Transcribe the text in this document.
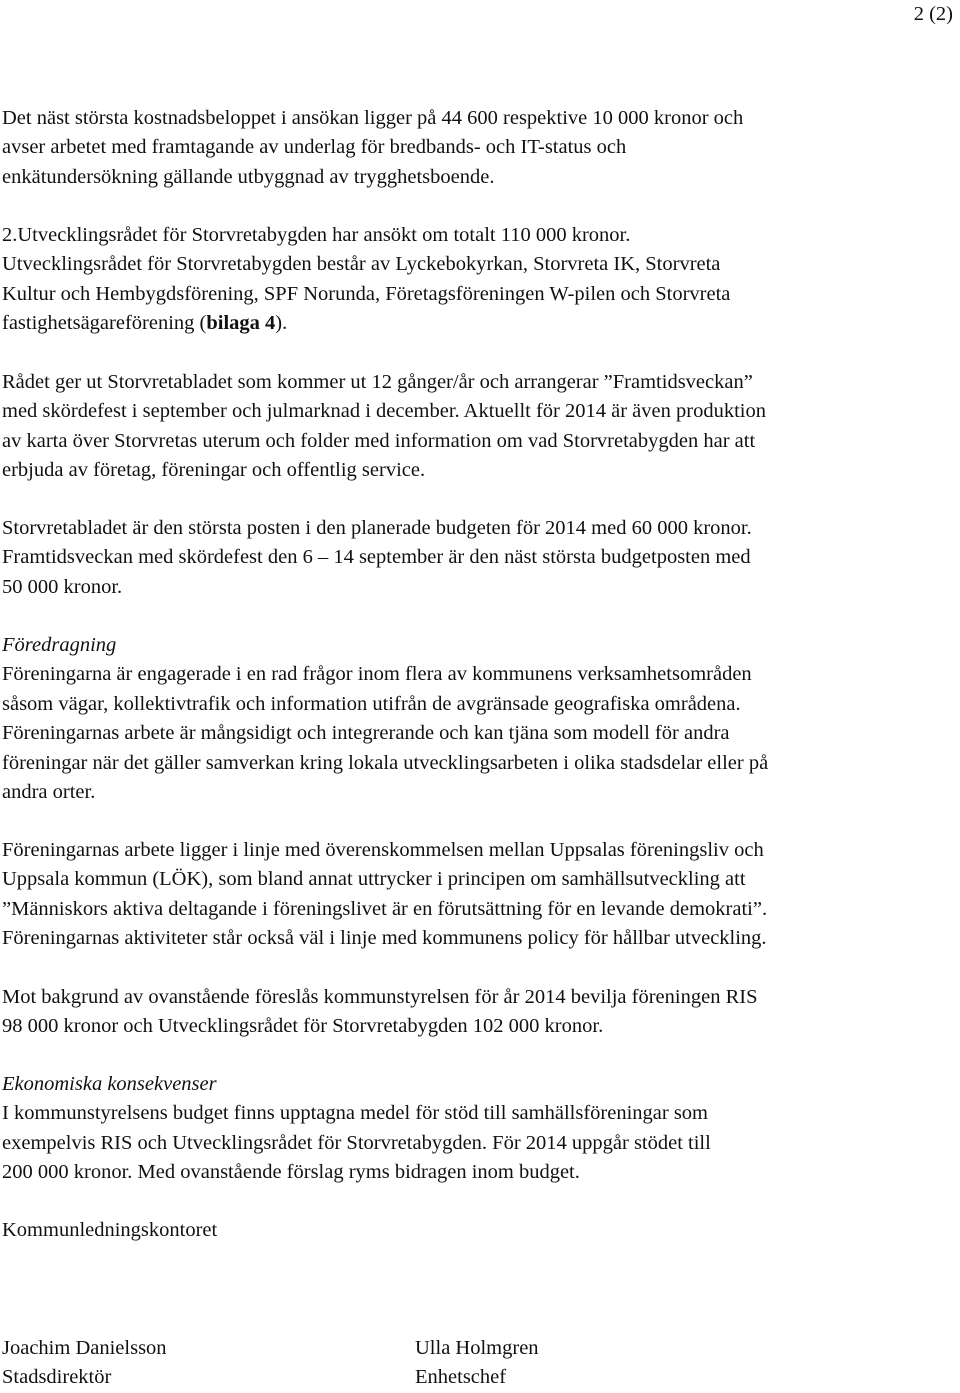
2 (2)

Det näst största kostnadsbeloppet i ansökan ligger på 44 600 respektive 10 000 kronor och
avser arbetet med framtagande av underlag för bredbands- och IT-status och
enkätundersökning gällande utbyggnad av trygghetsboende.

2.Utvecklingsrådet för Storvretabygden har ansökt om totalt 110 000 kronor.
Utvecklingsrådet för Storvretabygden består av Lyckebokyrkan, Storvreta IK, Storvreta
Kultur och Hembygdsförening, SPF Norunda, Företagsföreningen W-pilen och Storvreta
fastighetsägareförening (bilaga 4).

Rådet ger ut Storvretabladet som kommer ut 12 gånger/år och arrangerar ”Framtidsveckan”
med skördefest i september och julmarknad i december. Aktuellt för 2014 är även produktion
av karta över Storvretas uterum och folder med information om vad Storvretabygden har att
erbjuda av företag, föreningar och offentlig service.

Storvretabladet är den största posten i den planerade budgeten för 2014 med 60 000 kronor.
Framtidsveckan med skördefest den 6 – 14 september är den näst största budgetposten med
50 000 kronor.

Föredragning
Föreningarna är engagerade i en rad frågor inom flera av kommunens verksamhetsområden
såsom vägar, kollektivtrafik och information utifrån de avgränsade geografiska områdena.
Föreningarnas arbete är mångsidigt och integrerande och kan tjäna som modell för andra
föreningar när det gäller samverkan kring lokala utvecklingsarbeten i olika stadsdelar eller på
andra orter.

Föreningarnas arbete ligger i linje med överenskommelsen mellan Uppsalas föreningsliv och
Uppsala kommun (LÖK), som bland annat uttrycker i principen om samhällsutveckling att
”Människors aktiva deltagande i föreningslivet är en förutsättning för en levande demokrati”.
Föreningarnas aktiviteter står också väl i linje med kommunens policy för hållbar utveckling.

Mot bakgrund av ovanstående föreslås kommunstyrelsen för år 2014 bevilja föreningen RIS
98 000 kronor och Utvecklingsrådet för Storvretabygden 102 000 kronor.

Ekonomiska konsekvenser
I kommunstyrelsens budget finns upptagna medel för stöd till samhällsföreningar som
exempelvis RIS och Utvecklingsrådet för Storvretabygden. För 2014 uppgår stödet till
200 000 kronor. Med ovanstående förslag ryms bidragen inom budget.

Kommunledningskontoret

Joachim Danielsson
Stadsdirektör
Ulla Holmgren
Enhetschef
